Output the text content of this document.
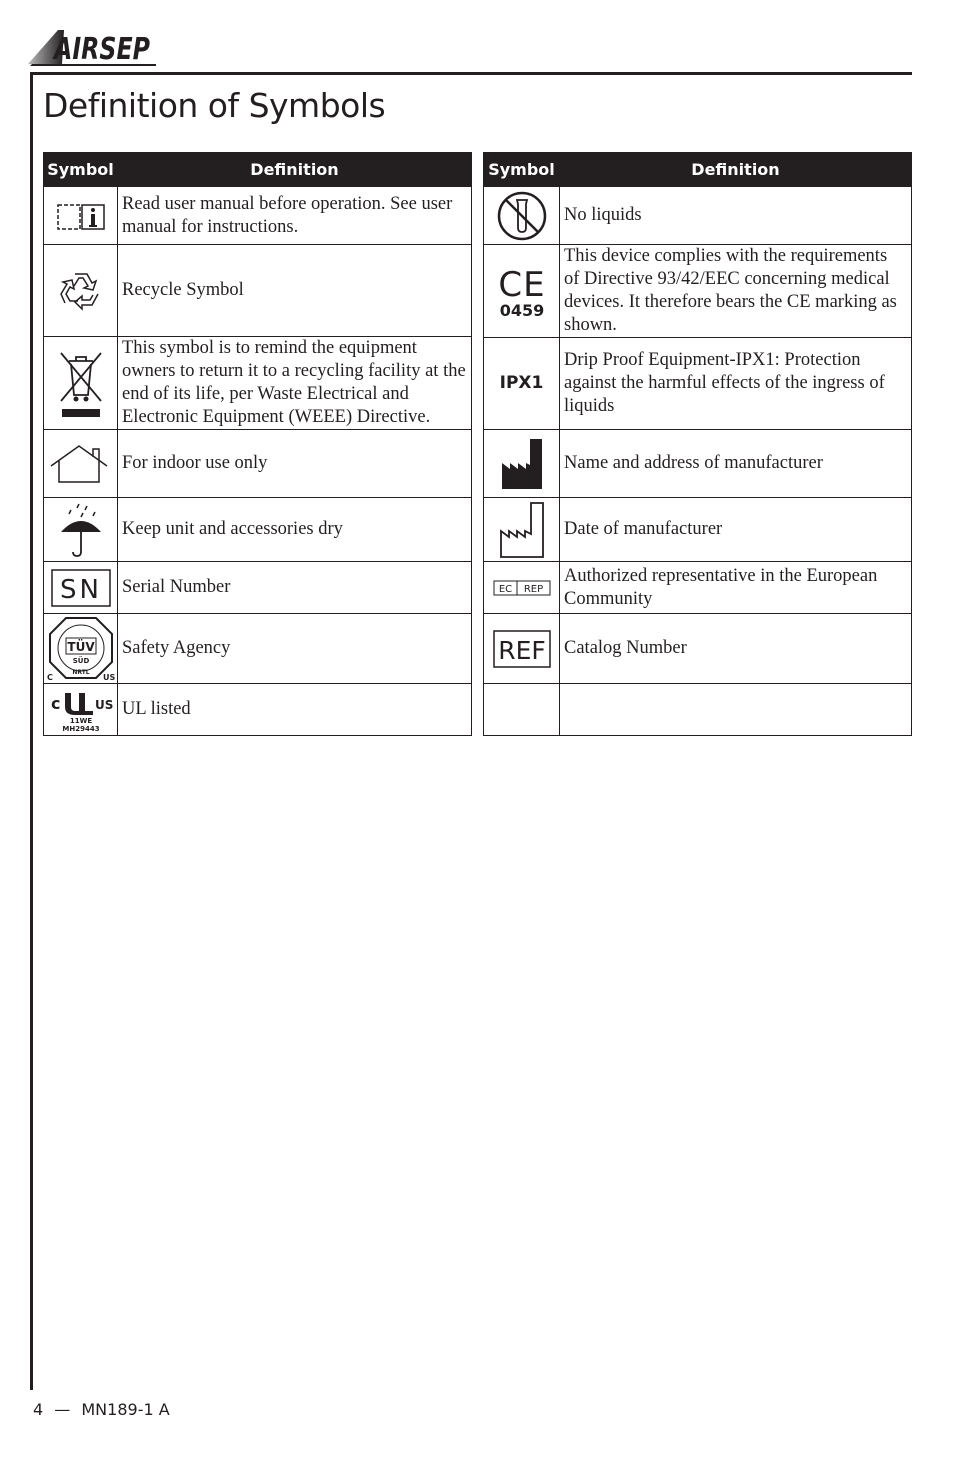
AIRSEP
Definition of Symbols
Symbol	Definition

	Read user manual before operation. See user manual for instructions.

	Recycle Symbol

	This symbol is to remind the equipment owners to return it to a recycling facility at the end of its life, per Waste Electrical and Electronic Equipment (WEEE) Directive.

	For indoor use only

	Keep unit and accessories dry

SN	Serial Number

TÜV
SÜD
NRTL
C US	Safety Agency

c US
11WE
MH29443	UL listed
Symbol	Definition

	No liquids

CE
0459	This device complies with the requirements of Directive 93/42/EEC concerning medical devices. It therefore bears the CE marking as shown.
IPX1	Drip Proof Equipment-IPX1: Protection against the harmful effects of the ingress of liquids

	Name and address of manufacturer

	Date of manufacturer

EC REP	Authorized representative in the European Community

REF	Catalog Number

4 — MN189-1 A
